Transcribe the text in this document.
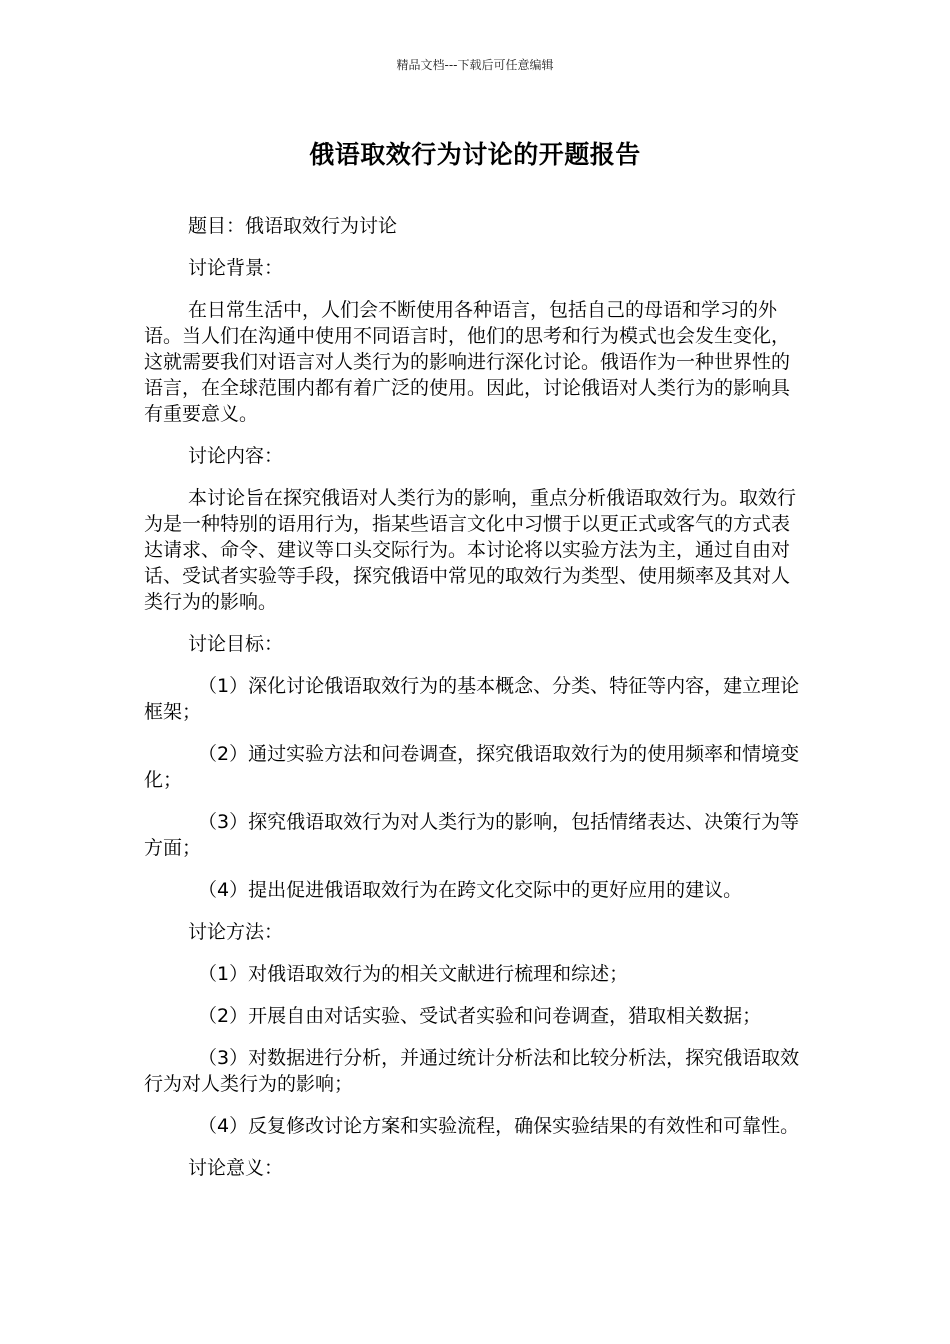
精品文档---下载后可任意编辑
俄语取效行为讨论的开题报告

题目：俄语取效行为讨论

讨论背景：

在日常生活中，人们会不断使用各种语言，包括自己的母语和学习的外语。当人们在沟通中使用不同语言时，他们的思考和行为模式也会发生变化，这就需要我们对语言对人类行为的影响进行深化讨论。俄语作为一种世界性的语言，在全球范围内都有着广泛的使用。因此，讨论俄语对人类行为的影响具有重要意义。

讨论内容：

本讨论旨在探究俄语对人类行为的影响，重点分析俄语取效行为。取效行为是一种特别的语用行为，指某些语言文化中习惯于以更正式或客气的方式表达请求、命令、建议等口头交际行为。本讨论将以实验方法为主，通过自由对话、受试者实验等手段，探究俄语中常见的取效行为类型、使用频率及其对人类行为的影响。

讨论目标：

（1）深化讨论俄语取效行为的基本概念、分类、特征等内容，建立理论框架；

（2）通过实验方法和问卷调查，探究俄语取效行为的使用频率和情境变化；

（3）探究俄语取效行为对人类行为的影响，包括情绪表达、决策行为等方面；

（4）提出促进俄语取效行为在跨文化交际中的更好应用的建议。

讨论方法：

（1）对俄语取效行为的相关文献进行梳理和综述；

（2）开展自由对话实验、受试者实验和问卷调查，猎取相关数据；

（3）对数据进行分析，并通过统计分析法和比较分析法，探究俄语取效行为对人类行为的影响；

（4）反复修改讨论方案和实验流程，确保实验结果的有效性和可靠性。

讨论意义：
